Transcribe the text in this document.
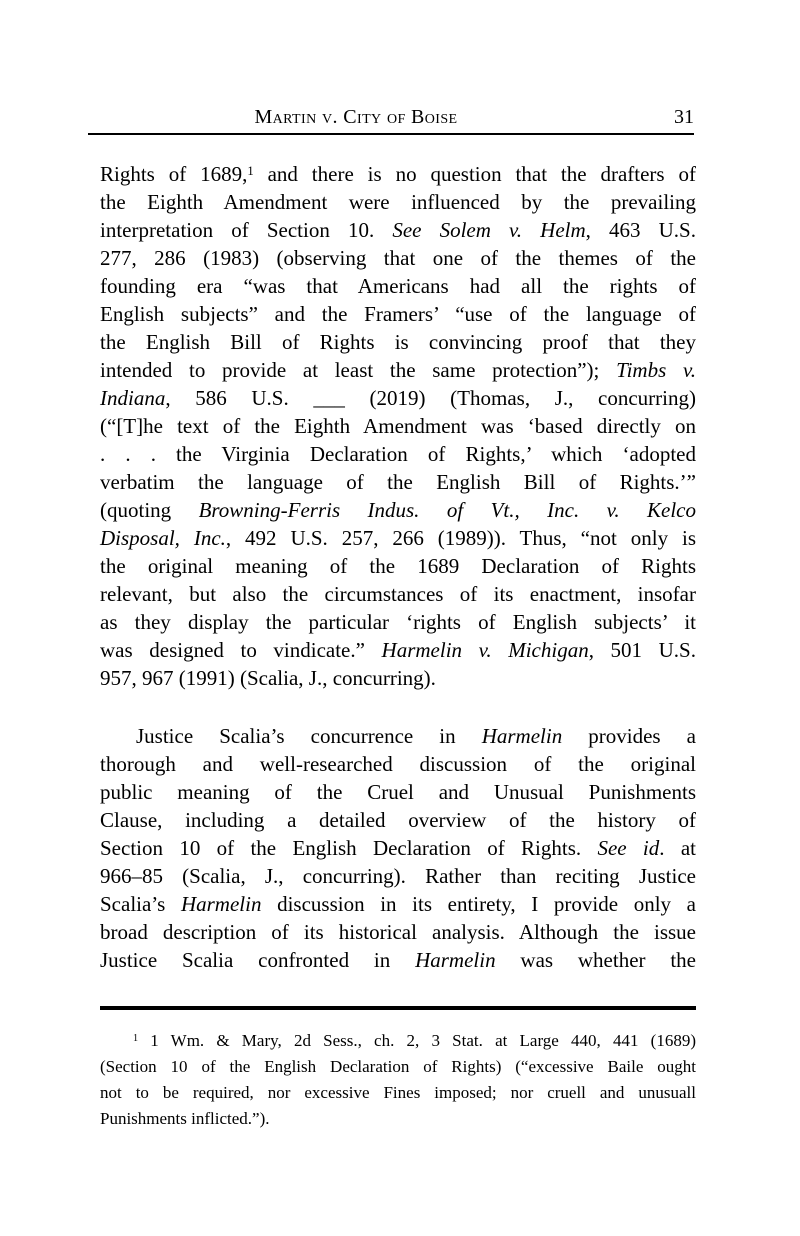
Martin v. City of Boise	31
Rights of 1689,$^1$ and there is no question that the drafters of
the Eighth Amendment were influenced by the prevailing
interpretation of Section 10. See Solem v. Helm, 463 U.S.
277, 286 (1983) (observing that one of the themes of the
founding era “was that Americans had all the rights of
English subjects” and the Framers’ “use of the language of
the English Bill of Rights is convincing proof that they
intended to provide at least the same protection”); Timbs v.
Indiana, 586 U.S. ___ (2019) (Thomas, J., concurring)
(“[T]he text of the Eighth Amendment was ‘based directly on
. . . the Virginia Declaration of Rights,’ which ‘adopted
verbatim the language of the English Bill of Rights.’”
(quoting Browning-Ferris Indus. of Vt., Inc. v. Kelco
Disposal, Inc., 492 U.S. 257, 266 (1989)). Thus, “not only is
the original meaning of the 1689 Declaration of Rights
relevant, but also the circumstances of its enactment, insofar
as they display the particular ‘rights of English subjects’ it
was designed to vindicate.” Harmelin v. Michigan, 501 U.S.
957, 967 (1991) (Scalia, J., concurring).
Justice Scalia’s concurrence in Harmelin provides a
thorough and well-researched discussion of the original
public meaning of the Cruel and Unusual Punishments
Clause, including a detailed overview of the history of
Section 10 of the English Declaration of Rights. See id. at
966–85 (Scalia, J., concurring). Rather than reciting Justice
Scalia’s Harmelin discussion in its entirety, I provide only a
broad description of its historical analysis. Although the issue
Justice Scalia confronted in Harmelin was whether the
$^1$ 1 Wm. & Mary, 2d Sess., ch. 2, 3 Stat. at Large 440, 441 (1689)
(Section 10 of the English Declaration of Rights) (“excessive Baile ought
not to be required, nor excessive Fines imposed; nor cruell and unusuall
Punishments inflicted.”).
